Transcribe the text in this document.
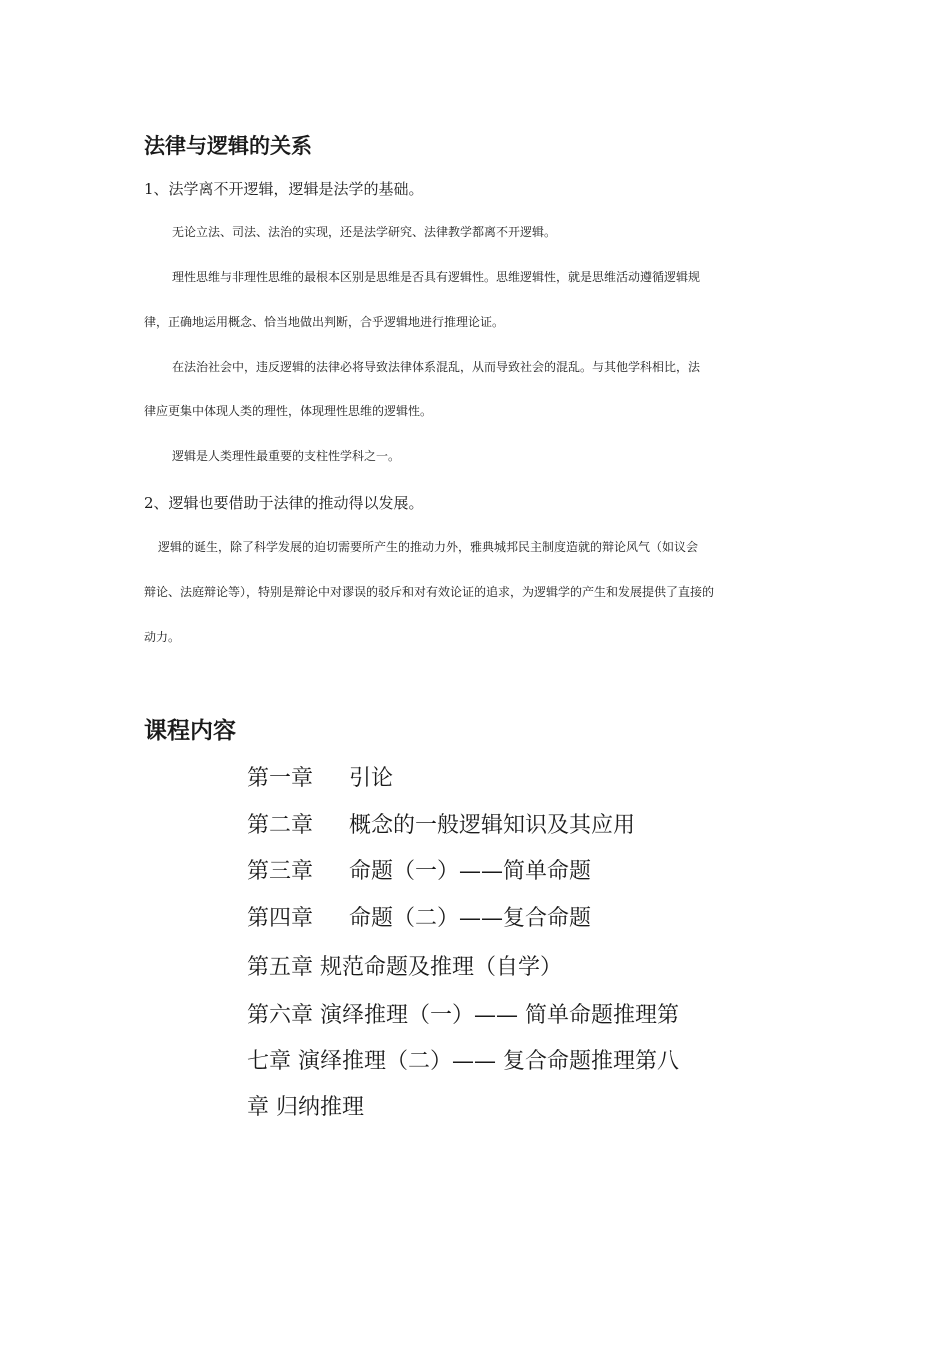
法律与逻辑的关系
1、法学离不开逻辑，逻辑是法学的基础。
无论立法、司法、法治的实现，还是法学研究、法律教学都离不开逻辑。
理性思维与非理性思维的最根本区别是思维是否具有逻辑性。思维逻辑性，就是思维活动遵循逻辑规
律，正确地运用概念、恰当地做出判断，合乎逻辑地进行推理论证。
在法治社会中，违反逻辑的法律必将导致法律体系混乱，从而导致社会的混乱。与其他学科相比，法
律应更集中体现人类的理性，体现理性思维的逻辑性。
逻辑是人类理性最重要的支柱性学科之一。
2、逻辑也要借助于法律的推动得以发展。
逻辑的诞生，除了科学发展的迫切需要所产生的推动力外，雅典城邦民主制度造就的辩论风气（如议会
辩论、法庭辩论等），特别是辩论中对谬误的驳斥和对有效论证的追求，为逻辑学的产生和发展提供了直接的
动力。
课程内容
第一章 引论
第二章 概念的一般逻辑知识及其应用
第三章 命题（一）——简单命题
第四章 命题（二）——复合命题
第五章 规范命题及推理（自学）
第六章 演绎推理（一）—— 简单命题推理第
七章 演绎推理（二）—— 复合命题推理第八
章 归纳推理
